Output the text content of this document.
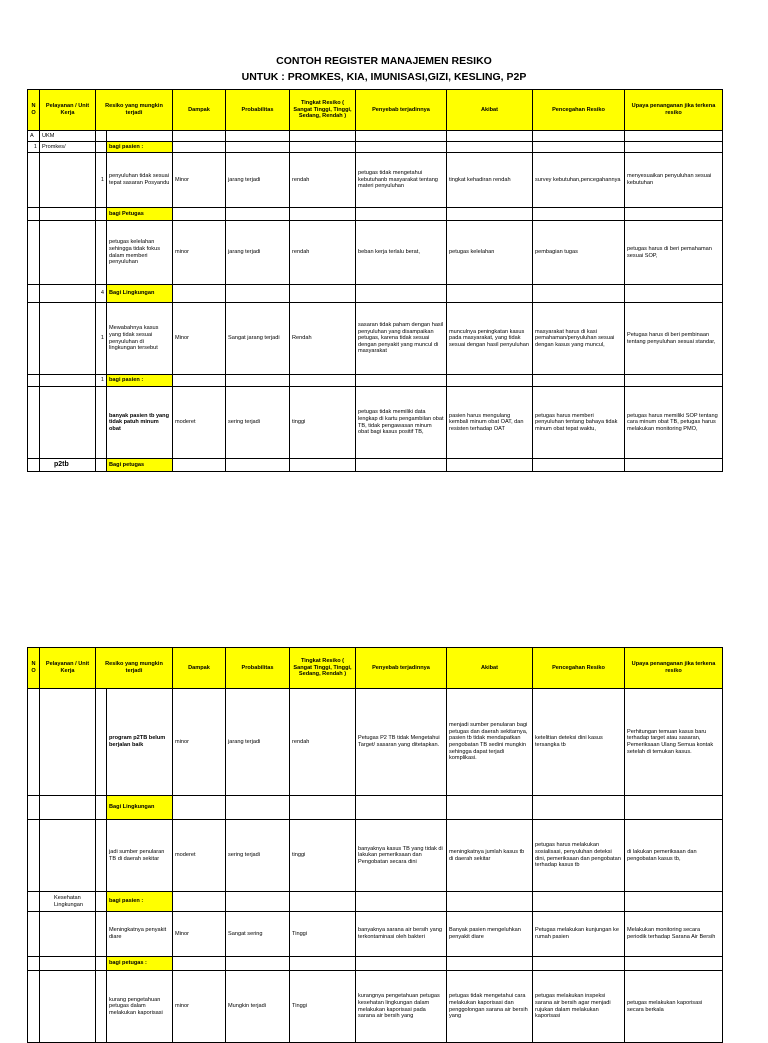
CONTOH REGISTER MANAJEMEN RESIKO
UNTUK : PROMKES, KIA, IMUNISASI,GIZI, KESLING, P2P
NO	Pelayanan / Unit Kerja	Resiko yang mungkin terjadi		Dampak	Probabilitas	Tingkat Resiko ( Sangat Tinggi, Tinggi, Sedang, Rendah )	Penyebab terjadinnya	Akibat	Pencegahan Resiko	Upaya penanganan jika terkena resiko
A	UKM									
1	Promkes/		bagi pasien :							
		1	penyuluhan tidak sesuai tepat sasaran Posyandu	Minor	jarang terjadi	rendah	petugas tidak mengetahui kebutuhanb masyarakat tentang materi penyuluhan	tingkat kehadiran rendah	survey kebutuhan,pencegahannya	menyesuaikan penyuluhan sesuai kebutuhan
			bagi Petugas							
			petugas kelelahan sehingga tidak fokus dalam memberi penyuluhan	minor	jarang terjadi	rendah	beban kerja terlalu berat,	petugas kelelahan	pembagian tugas	petugas harus di beri pemahaman sesuai SOP,
		4	Bagi Lingkungan							
		1	Mewabahnya kasus yang tidak sesuai penyuluhan di lingkungan tersebut	Minor	Sangat jarang terjadi	Rendah	sasaran tidak paham dengan hasil penyuluhan yang disampaikan petugas, karena tidak sesuai dengan penyakit yang muncul di masyarakat	munculnya peningkatan kasus pada masyarakat, yang tidak sesuai dengan hasil penyuluhan	masyarakat harus di kasi pemahaman/penyuluhan sesuai dengan kasus yang muncul,	Petugas harus di beri pembinaan tentang penyuluhan sesuai standar,
		1	bagi pasien :							
			banyak pasien tb yang tidak patuh minum obat	moderet	sering terjadi	tinggi	petugas tidak memiliki data lengkap di kartu pengambilan obat TB, tidak pengawasan minum obat bagi kasus positif TB,	pasien harus mengulang kembali minum obat OAT, dan resisten terhadap OAT	petugas harus memberi penyuluhan tentang bahaya tidak minum obat tepat waktu,	petugas harus memiliki SOP tentang cara minum obat TB, petugas harus melakukan monitoring PMO,
	p2tb		Bagi petugas							
NO	Pelayanan / Unit Kerja	Resiko yang mungkin terjadi		Dampak	Probabilitas	Tingkat Resiko ( Sangat Tinggi, Tinggi, Sedang, Rendah )	Penyebab terjadinnya	Akibat	Pencegahan Resiko	Upaya penanganan jika terkena resiko
			program p2TB belum berjalan baik	minor	jarang terjadi	rendah	Petugas P2 TB tidak Mengetahui Target/ sasaran yang ditetapkan.	menjadi sumber penularan bagi petugas dan daerah sekitarnya, pasien tb tidak mendapatkan pengobatan TB sedini mungkin sehingga dapat terjadi komplikasi.	ketelitian deteksi dini kasus tersangka tb	Perhitungan temuan kasus baru terhadap target atau sasaran, Pemeriksaan Ulang Semua kontak setelah di temukan kasus.
			Bagi Lingkungan							
			jadi sumber penularan TB di daerah sekitar	moderet	sering terjadi	tinggi	banyaknya kasus TB yang tidak di lakukan pemeriksaan dan Pengobatan secara dini	meningkatnya jumlah kasus tb di daerah sekitar	petugas harus melakukan sosialisasi, penyuluhan deteksi dini, pemeriksaan dan pengobatan terhadap kasus tb	di lakukan pemeriksaan dan pengobatan kasus tb,
	Kesehatan Lingkungan		bagi pasien :							
			Meningkatnya penyakit diare	Minor	Sangat sering	Tinggi	banyaknya sarana air bersih yang terkontaminasi oleh bakteri	Banyak pasien mengeluhkan penyakit diare	Petugas melakukan kunjungan ke rumah pasien	Melakukan monitoring secara periodik terhadap Sarana Air Bersih
			bagi petugas :							
			kurang pengetahuan petugas dalam melakukan kaporisasi	minor	Mungkin terjadi	Tinggi	kurangnya pengetahuan petugas kesehatan lingkungan dalam melakukan kaporisasi pada sarana air bersih yang	petugas tidak mengetahui cara melakukan kaporisasi dan penggolongan sarana air bersih yang	petugas melakukan inspeksi sarana air bersih agar menjadi rujukan dalam melakukan kaporisasi	petugas melakukan kaporisasi secara berkala
